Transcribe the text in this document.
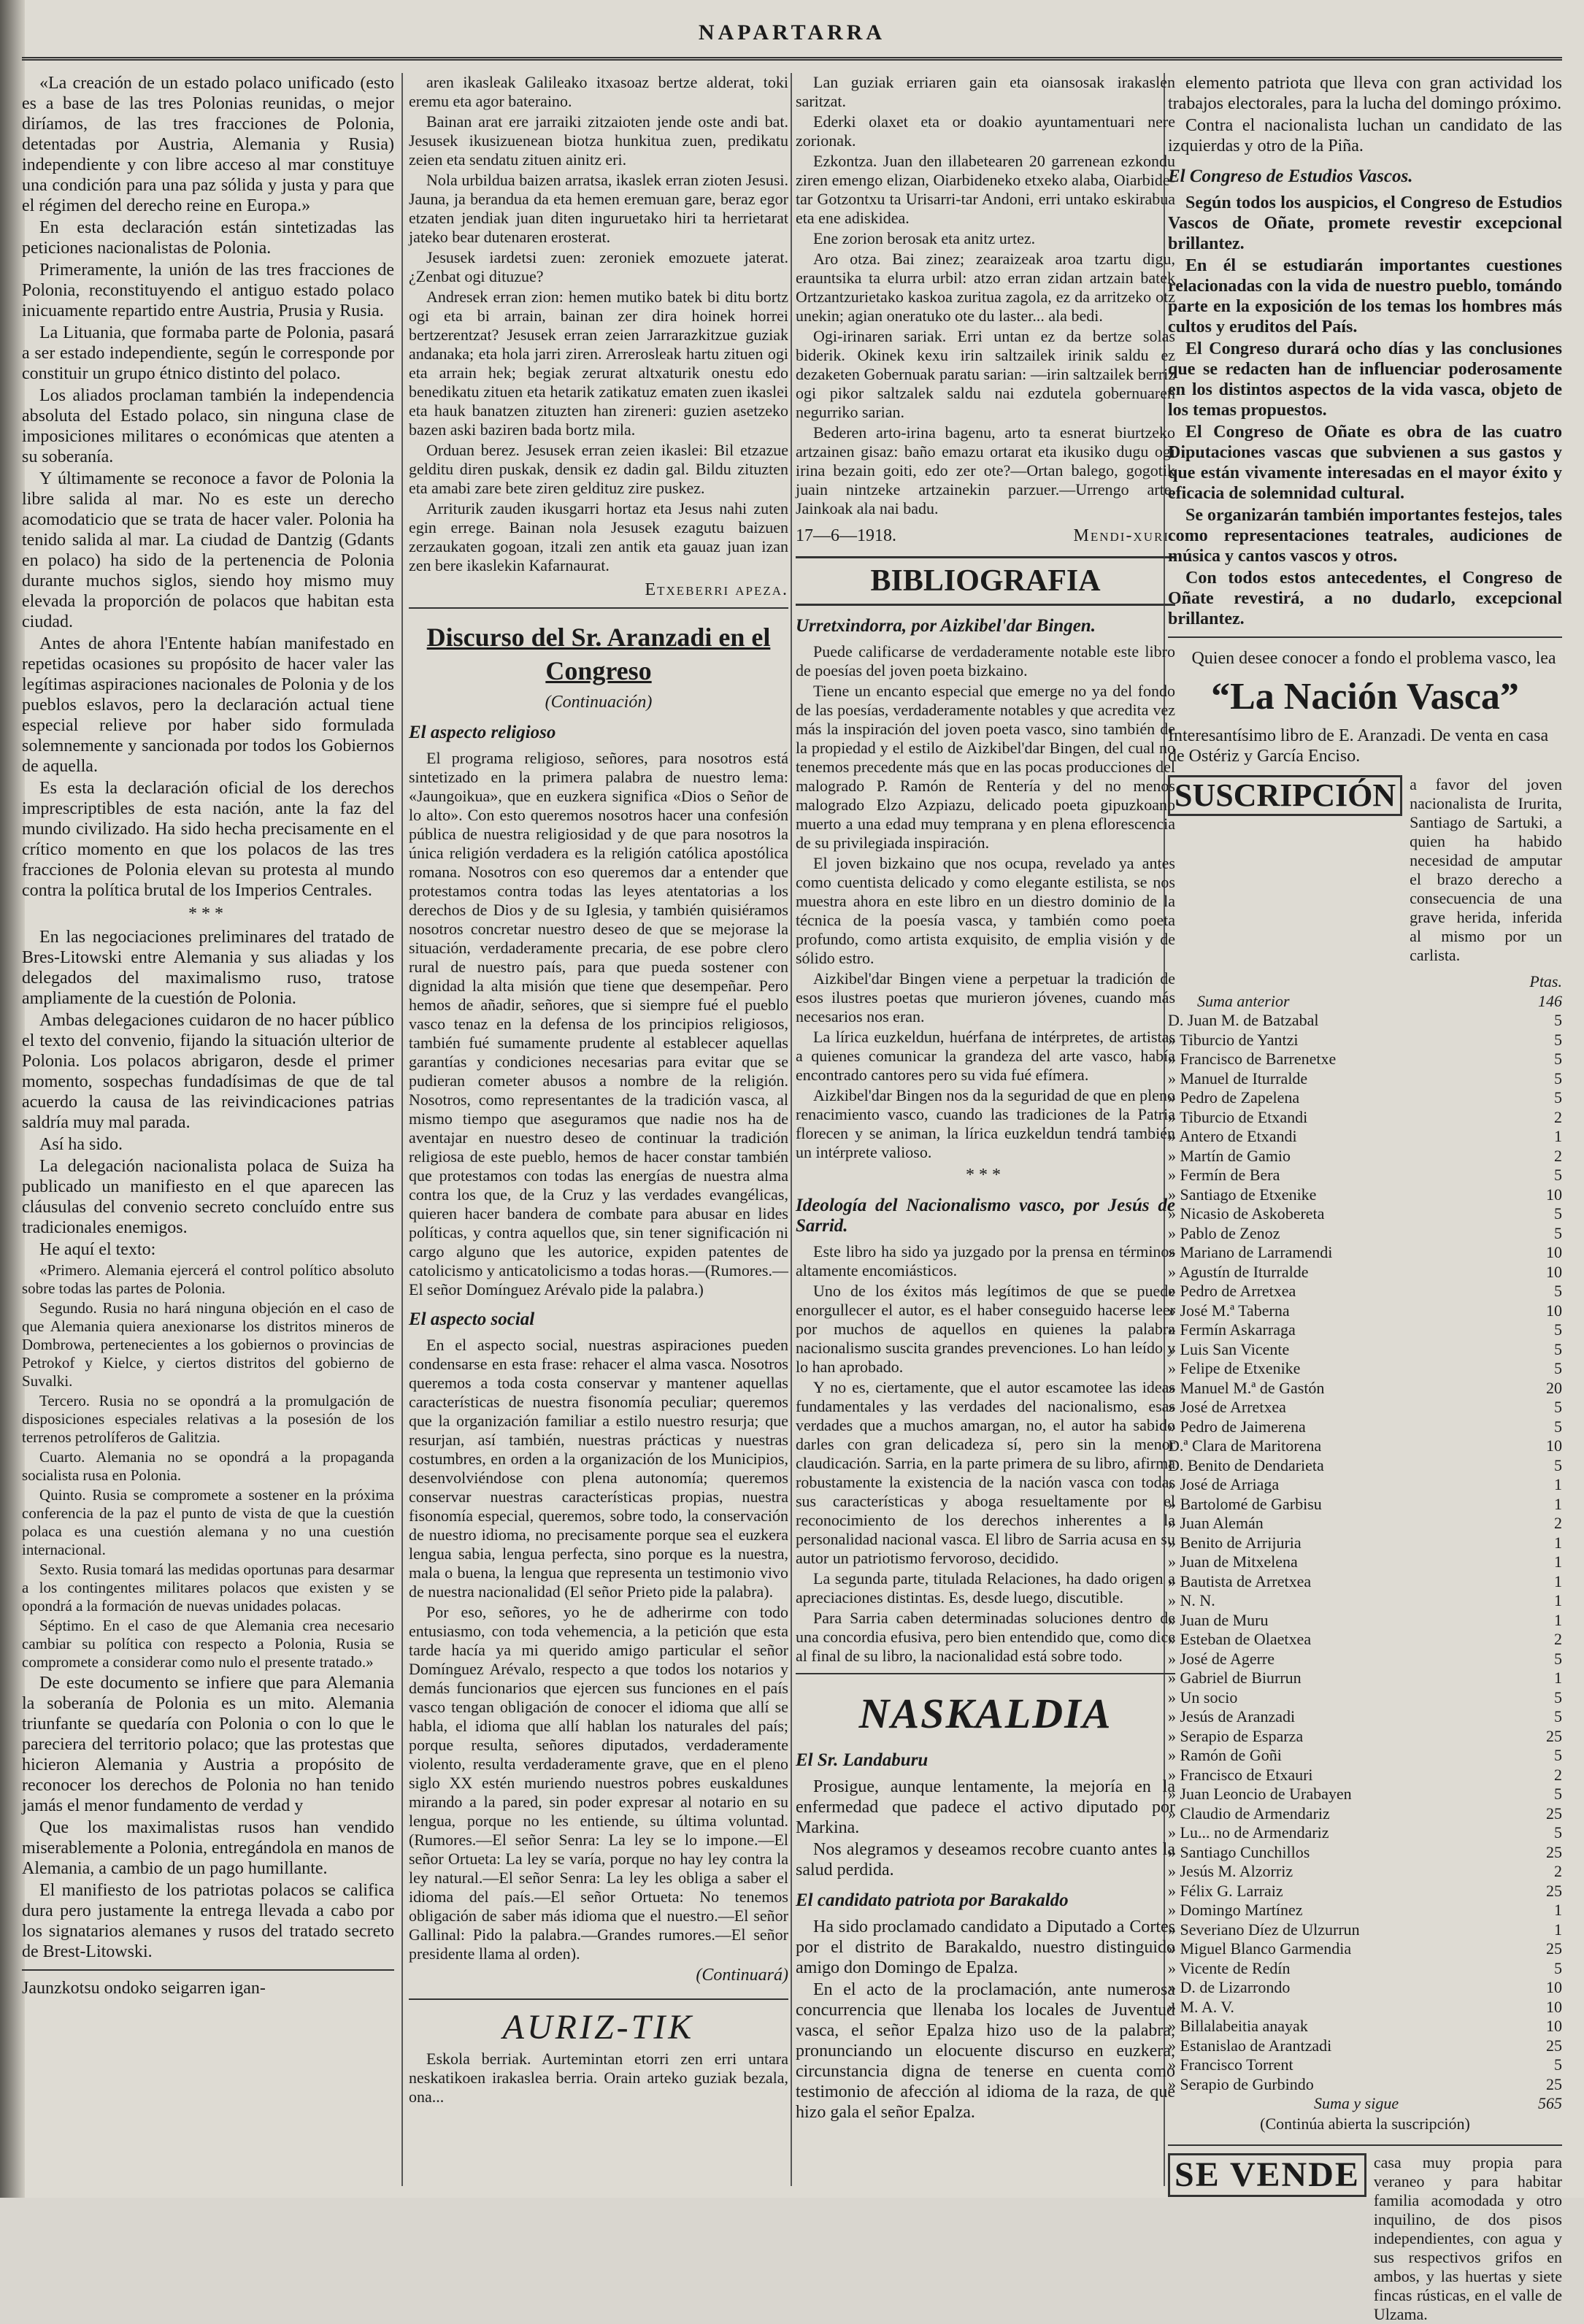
NAPARTARRA

«La creación de un estado polaco unificado (esto es a base de las tres Polonias reunidas, o mejor diríamos, de las tres fracciones de Polonia, detentadas por Austria, Alemania y Rusia) independiente y con libre acceso al mar constituye una condición para una paz sólida y justa y para que el régimen del derecho reine en Europa.»

En esta declaración están sintetizadas las peticiones nacionalistas de Polonia.

Primeramente, la unión de las tres fracciones de Polonia, reconstituyendo el antiguo estado polaco inicuamente repartido entre Austria, Prusia y Rusia.

La Lituania, que formaba parte de Polonia, pasará a ser estado independiente, según le corresponde por constituir un grupo étnico distinto del polaco.

Los aliados proclaman también la independencia absoluta del Estado polaco, sin ninguna clase de imposiciones militares o económicas que atenten a su soberanía.

Y últimamente se reconoce a favor de Polonia la libre salida al mar. No es este un derecho acomodaticio que se trata de hacer valer. Polonia ha tenido salida al mar. La ciudad de Dantzig (Gdants en polaco) ha sido de la pertenencia de Polonia durante muchos siglos, siendo hoy mismo muy elevada la proporción de polacos que habitan esta ciudad.

Antes de ahora l'Entente habían manifestado en repetidas ocasiones su propósito de hacer valer las legítimas aspiraciones nacionales de Polonia y de los pueblos eslavos, pero la declaración actual tiene especial relieve por haber sido formulada solemnemente y sancionada por todos los Gobiernos de aquella.

Es esta la declaración oficial de los derechos imprescriptibles de esta nación, ante la faz del mundo civilizado. Ha sido hecha precisamente en el crítico momento en que los polacos de las tres fracciones de Polonia elevan su protesta al mundo contra la política brutal de los Imperios Centrales.

***

En las negociaciones preliminares del tratado de Bres-Litowski entre Alemania y sus aliadas y los delegados del maximalismo ruso, tratose ampliamente de la cuestión de Polonia.

Ambas delegaciones cuidaron de no hacer público el texto del convenio, fijando la situación ulterior de Polonia. Los polacos abrigaron, desde el primer momento, sospechas fundadísimas de que de tal acuerdo la causa de las reivindicaciones patrias saldría muy mal parada.

Así ha sido.

La delegación nacionalista polaca de Suiza ha publicado un manifiesto en el que aparecen las cláusulas del convenio secreto concluído entre sus tradicionales enemigos.

He aquí el texto:

«Primero. Alemania ejercerá el control político absoluto sobre todas las partes de Polonia.

Segundo. Rusia no hará ninguna objeción en el caso de que Alemania quiera anexionarse los distritos mineros de Dombrowa, pertenecientes a los gobiernos o provincias de Petrokof y Kielce, y ciertos distritos del gobierno de Suvalki.

Tercero. Rusia no se opondrá a la promulgación de disposiciones especiales relativas a la posesión de los terrenos petrolíferos de Galitzia.

Cuarto. Alemania no se opondrá a la propaganda socialista rusa en Polonia.

Quinto. Rusia se compromete a sostener en la próxima conferencia de la paz el punto de vista de que la cuestión polaca es una cuestión alemana y no una cuestión internacional.

Sexto. Rusia tomará las medidas oportunas para desarmar a los contingentes militares polacos que existen y se opondrá a la formación de nuevas unidades polacas.

Séptimo. En el caso de que Alemania crea necesario cambiar su política con respecto a Polonia, Rusia se compromete a considerar como nulo el presente tratado.»

De este documento se infiere que para Alemania la soberanía de Polonia es un mito. Alemania triunfante se quedaría con Polonia o con lo que le pareciera del territorio polaco; que las protestas que hicieron Alemania y Austria a propósito de reconocer los derechos de Polonia no han tenido jamás el menor fundamento de verdad y

Que los maximalistas rusos han vendido miserablemente a Polonia, entregándola en manos de Alemania, a cambio de un pago humillante.

El manifiesto de los patriotas polacos se califica dura pero justamente la entrega llevada a cabo por los signatarios alemanes y rusos del tratado secreto de Brest-Litowski.

Jaunzkotsu ondoko seigarren igan-

aren ikasleak Galileako itxasoaz bertze alderat, toki eremu eta agor bateraino.

Bainan arat ere jarraiki zitzaioten jende oste andi bat. Jesusek ikusizuenean biotza hunkitua zuen, predikatu zeien eta sendatu zituen ainitz eri.

Nola urbildua baizen arratsa, ikaslek erran zioten Jesusi. Jauna, ja berandua da eta hemen eremuan gare, beraz egor etzaten jendiak juan diten inguruetako hiri ta herrietarat jateko bear dutenaren erosterat.

Jesusek iardetsi zuen: zeroniek emozuete jaterat. ¿Zenbat ogi dituzue?

Andresek erran zion: hemen mutiko batek bi ditu bortz ogi eta bi arrain, bainan zer dira hoinek horrei bertzerentzat? Jesusek erran zeien Jarrarazkitzue guziak andanaka; eta hola jarri ziren. Arrerosleak hartu zituen ogi eta arrain hek; begiak zerurat altxaturik onestu edo benedikatu zituen eta hetarik zatikatuz ematen zuen ikaslei eta hauk banatzen zituzten han zireneri: guzien asetzeko bazen aski baziren bada bortz mila.

Orduan berez. Jesusek erran zeien ikaslei: Bil etzazue gelditu diren puskak, densik ez dadin gal. Bildu zituzten eta amabi zare bete ziren geldituz zire puskez.

Arriturik zauden ikusgarri hortaz eta Jesus nahi zuten egin errege. Bainan nola Jesusek ezagutu baizuen zerzaukaten gogoan, itzali zen antik eta gauaz juan izan zen bere ikaslekin Kafarnaurat.

Etxeberri apeza.
Discurso del Sr. Aranzadi en el Congreso
(Continuación)
El aspecto religioso

El programa religioso, señores, para nosotros está sintetizado en la primera palabra de nuestro lema: «Jaungoikua», que en euzkera significa «Dios o Señor de lo alto». Con esto queremos nosotros hacer una confesión pública de nuestra religiosidad y de que para nosotros la única religión verdadera es la religión católica apostólica romana. Nosotros con eso queremos dar a entender que protestamos contra todas las leyes atentatorias a los derechos de Dios y de su Iglesia, y también quisiéramos nosotros concretar nuestro deseo de que se mejorase la situación, verdaderamente precaria, de ese pobre clero rural de nuestro país, para que pueda sostener con dignidad la alta misión que tiene que desempeñar. Pero hemos de añadir, señores, que si siempre fué el pueblo vasco tenaz en la defensa de los principios religiosos, también fué sumamente prudente al establecer aquellas garantías y condiciones necesarias para evitar que se pudieran cometer abusos a nombre de la religión. Nosotros, como representantes de la tradición vasca, al mismo tiempo que aseguramos que nadie nos ha de aventajar en nuestro deseo de continuar la tradición religiosa de este pueblo, hemos de hacer constar también que protestamos con todas las energías de nuestra alma contra los que, de la Cruz y las verdades evangélicas, quieren hacer bandera de combate para abusar en lides políticas, y contra aquellos que, sin tener significación ni cargo alguno que les autorice, expiden patentes de catolicismo y anticatolicismo a todas horas.—(Rumores.—El señor Domínguez Arévalo pide la palabra.)

El aspecto social

En el aspecto social, nuestras aspiraciones pueden condensarse en esta frase: rehacer el alma vasca. Nosotros queremos a toda costa conservar y mantener aquellas características de nuestra fisonomía peculiar; queremos que la organización familiar a estilo nuestro resurja; que resurjan, así también, nuestras prácticas y nuestras costumbres, en orden a la organización de los Municipios, desenvolviéndose con plena autonomía; queremos conservar nuestras características propias, nuestra fisonomía especial, queremos, sobre todo, la conservación de nuestro idioma, no precisamente porque sea el euzkera lengua sabia, lengua perfecta, sino porque es la nuestra, mala o buena, la lengua que representa un testimonio vivo de nuestra nacionalidad (El señor Prieto pide la palabra).

Por eso, señores, yo he de adherirme con todo entusiasmo, con toda vehemencia, a la petición que esta tarde hacía ya mi querido amigo particular el señor Domínguez Arévalo, respecto a que todos los notarios y demás funcionarios que ejercen sus funciones en el país vasco tengan obligación de conocer el idioma que allí se habla, el idioma que allí hablan los naturales del país; porque resulta, señores diputados, verdaderamente violento, resulta verdaderamente grave, que en el pleno siglo XX estén muriendo nuestros pobres euskaldunes mirando a la pared, sin poder expresar al notario en su lengua, porque no les entiende, su última voluntad. (Rumores.—El señor Senra: La ley se lo impone.—El señor Ortueta: La ley se varía, porque no hay ley contra la ley natural.—El señor Senra: La ley les obliga a saber el idioma del país.—El señor Ortueta: No tenemos obligación de saber más idioma que el nuestro.—El señor Gallinal: Pido la palabra.—Grandes rumores.—El señor presidente llama al orden).

(Continuará)
AURIZ-TIK

Eskola berriak. Aurtemintan etorri zen erri untara neskatikoen irakaslea berria. Orain arteko guziak bezala, ona...

Lan guziak erriaren gain eta oiansosak irakaslen saritzat.

Ederki olaxet eta or doakio ayuntamentuari nere zorionak.

Ezkontza. Juan den illabetearen 20 garrenean ezkondu ziren emengo elizan, Oiarbideneko etxeko alaba, Oiarbide-tar Gotzontxu ta Urisarri-tar Andoni, erri untako eskirabua eta ene adiskidea.

Ene zorion berosak eta anitz urtez.

Aro otza. Bai zinez; zearaizeak aroa tzartu digu, erauntsika ta elurra urbil: atzo erran zidan artzain batek Ortzantzurietako kaskoa zuritua zagola, ez da arritzeko otz unekin; agian oneratuko ote du laster... ala bedi.

Ogi-irinaren sariak. Erri untan ez da bertze solas biderik. Okinek kexu irin saltzailek irinik saldu ez dezaketen Gobernuak paratu sarian: —irin saltzailek berriz ogi pikor saltzalek saldu nai ezdutela gobernuaren negurriko sarian.

Bederen arto-irina bagenu, arto ta esnerat biurtzeko artzainen gisaz: baño emazu ortarat eta ikusiko dugu ogi irina bezain goiti, edo zer ote?—Ortan balego, gogotik juain nintzeke artzainekin parzuer.—Urrengo arte, Jainkoak ala nai badu.

17—6—1918.	Mendi-xuri.
BIBLIOGRAFIA
Urretxindorra, por Aizkibel'dar Bingen.

Puede calificarse de verdaderamente notable este libro de poesías del joven poeta bizkaino.

Tiene un encanto especial que emerge no ya del fondo de las poesías, verdaderamente notables y que acredita vez más la inspiración del joven poeta vasco, sino también de la propiedad y el estilo de Aizkibel'dar Bingen, del cual no tenemos precedente más que en las pocas producciones del malogrado P. Ramón de Rentería y del no menos malogrado Elzo Azpiazu, delicado poeta gipuzkoano muerto a una edad muy temprana y en plena eflorescencia de su privilegiada inspiración.

El joven bizkaino que nos ocupa, revelado ya antes como cuentista delicado y como elegante estilista, se nos muestra ahora en este libro en un diestro dominio de la técnica de la poesía vasca, y también como poeta profundo, como artista exquisito, de emplia visión y de sólido estro.

Aizkibel'dar Bingen viene a perpetuar la tradición de esos ilustres poetas que murieron jóvenes, cuando más necesarios nos eran.

La lírica euzkeldun, huérfana de intérpretes, de artistas a quienes comunicar la grandeza del arte vasco, había encontrado cantores pero su vida fué efímera.

Aizkibel'dar Bingen nos da la seguridad de que en pleno renacimiento vasco, cuando las tradiciones de la Patria florecen y se animan, la lírica euzkeldun tendrá también un intérprete valioso.

***
Ideología del Nacionalismo vasco, por Jesús de Sarrid.

Este libro ha sido ya juzgado por la prensa en términos altamente encomiásticos.

Uno de los éxitos más legítimos de que se puede enorgullecer el autor, es el haber conseguido hacerse leer por muchos de aquellos en quienes la palabra nacionalismo suscita grandes prevenciones. Lo han leído y lo han aprobado.

Y no es, ciertamente, que el autor escamotee las ideas fundamentales y las verdades del nacionalismo, esas verdades que a muchos amargan, no, el autor ha sabido darles con gran delicadeza sí, pero sin la menor claudicación. Sarria, en la parte primera de su libro, afirma robustamente la existencia de la nación vasca con todas sus características y aboga resueltamente por el reconocimiento de los derechos inherentes a la personalidad nacional vasca. El libro de Sarria acusa en su autor un patriotismo fervoroso, decidido.

La segunda parte, titulada Relaciones, ha dado origen a apreciaciones distintas. Es, desde luego, discutible.

Para Sarria caben determinadas soluciones dentro de una concordia efusiva, pero bien entendido que, como dice al final de su libro, la nacionalidad está sobre todo.

NASKALDIA
El Sr. Landaburu

Prosigue, aunque lentamente, la mejoría en la enfermedad que padece el activo diputado por Markina.

Nos alegramos y deseamos recobre cuanto antes la salud perdida.

El candidato patriota por Barakaldo

Ha sido proclamado candidato a Diputado a Cortes por el distrito de Barakaldo, nuestro distinguido amigo don Domingo de Epalza.

En el acto de la proclamación, ante numerosa concurrencia que llenaba los locales de Juventud vasca, el señor Epalza hizo uso de la palabra, pronunciando un elocuente discurso en euzkera, circunstancia digna de tenerse en cuenta como testimonio de afección al idioma de la raza, de que hizo gala el señor Epalza.

elemento patriota que lleva con gran actividad los trabajos electorales, para la lucha del domingo próximo.

Contra el nacionalista luchan un candidato de las izquierdas y otro de la Piña.

El Congreso de Estudios Vascos.

Según todos los auspicios, el Congreso de Estudios Vascos de Oñate, promete revestir excepcional brillantez.

En él se estudiarán importantes cuestiones relacionadas con la vida de nuestro pueblo, tomándo parte en la exposición de los temas los hombres más cultos y eruditos del País.

El Congreso durará ocho días y las conclusiones que se redacten han de influenciar poderosamente en los distintos aspectos de la vida vasca, objeto de los temas propuestos.

El Congreso de Oñate es obra de las cuatro Diputaciones vascas que subvienen a sus gastos y que están vivamente interesadas en el mayor éxito y eficacia de solemnidad cultural.

Se organizarán también importantes festejos, tales como representaciones teatrales, audiciones de música y cantos vascos y otros.

Con todos estos antecedentes, el Congreso de Oñate revestirá, a no dudarlo, excepcional brillantez.

Quien desee conocer a fondo el problema vasco, lea

“La Nación Vasca”

Interesantísimo libro de E. Aranzadi. De venta en casa de Ostériz y García Enciso.

SUSCRIPCIÓN a favor del joven nacionalista de Irurita, Santiago de Sartuki, a quien ha habido necesidad de amputar el brazo derecho a consecuencia de una grave herida, inferida al mismo por un carlista.
	Ptas.
Suma anterior	146
D. Juan M. de Batzabal	5
» Tiburcio de Yantzi	5
» Francisco de Barrenetxe	5
» Manuel de Iturralde	5
» Pedro de Zapelena	5
» Tiburcio de Etxandi	2
» Antero de Etxandi	1
» Martín de Gamio	2
» Fermín de Bera	5
» Santiago de Etxenike	10
» Nicasio de Askobereta	5
» Pablo de Zenoz	5
» Mariano de Larramendi	10
» Agustín de Iturralde	10
» Pedro de Arretxea	5
» José M.ª Taberna	10
» Fermín Askarraga	5
» Luis San Vicente	5
» Felipe de Etxenike	5
» Manuel M.ª de Gastón	20
» José de Arretxea	5
» Pedro de Jaimerena	5
D.ª Clara de Maritorena	10
D. Benito de Dendarieta	5
» José de Arriaga	1
» Bartolomé de Garbisu	1
» Juan Alemán	2
» Benito de Arrijuria	1
» Juan de Mitxelena	1
» Bautista de Arretxea	1
» N. N.	1
» Juan de Muru	1
» Esteban de Olaetxea	2
» José de Agerre	5
» Gabriel de Biurrun	1
» Un socio	5
» Jesús de Aranzadi	5
» Serapio de Esparza	25
» Ramón de Goñi	5
» Francisco de Etxauri	2
» Juan Leoncio de Urabayen	5
» Claudio de Armendariz	25
» Lu... no de Armendariz	5
» Santiago Cunchillos	25
» Jesús M. Alzorriz	2
» Félix G. Larraiz	25
» Domingo Martínez	1
» Severiano Díez de Ulzurrun	1
» Miguel Blanco Garmendia	25
» Vicente de Redín	5
» D. de Lizarrondo	10
» M. A. V.	10
» Billalabeitia anayak	10
» Estanislao de Arantzadi	25
» Francisco Torrent	5
» Serapio de Gurbindo	25
Suma y sigue	565
(Continúa abierta la suscripción)
SE VENDE casa muy propia para veraneo y para habitar familia acomodada y otro inquilino, de dos pisos independientes, con agua y sus respectivos grifos en ambos, y las huertas y siete fincas rústicas, en el valle de Ulzama.
